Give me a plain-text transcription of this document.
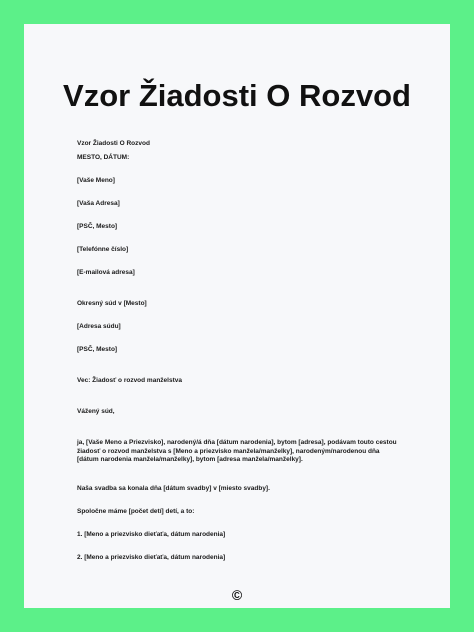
Vzor Žiadosti O Rozvod
Vzor Žiadosti O Rozvod
MESTO, DÁTUM:
[Vaše Meno]
[Vaša Adresa]
[PSČ, Mesto]
[Telefónne číslo]
[E-mailová adresa]
Okresný súd v [Mesto]
[Adresa súdu]
[PSČ, Mesto]
Vec: Žiadosť o rozvod manželstva
Vážený súd,
ja, [Vaše Meno a Priezvisko], narodený/á dňa [dátum narodenia], bytom [adresa], podávam touto cestou žiadosť o rozvod manželstva s [Meno a priezvisko manžela/manželky], narodeným/narodenou dňa [dátum narodenia manžela/manželky], bytom [adresa manžela/manželky].
Naša svadba sa konala dňa [dátum svadby] v [miesto svadby].
Spoločne máme [počet detí] detí, a to:
1. [Meno a priezvisko dieťaťa, dátum narodenia]
2. [Meno a priezvisko dieťaťa, dátum narodenia]
©
